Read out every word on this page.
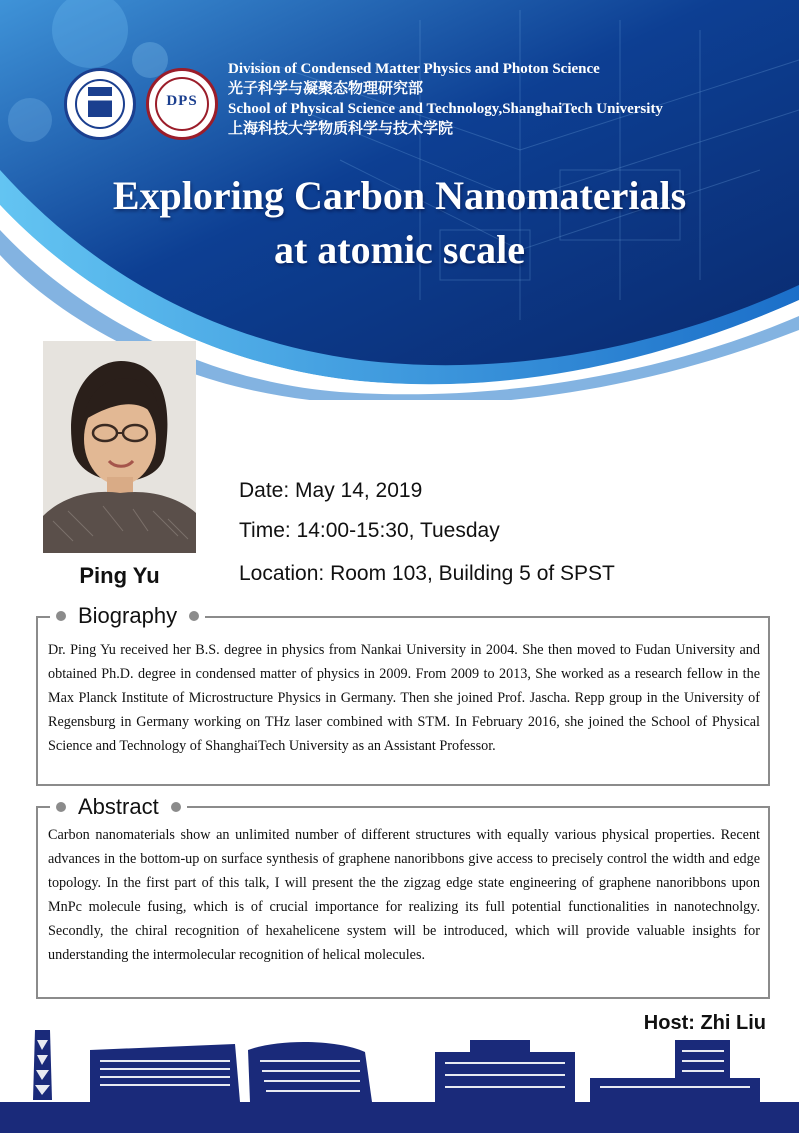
DPS
Division of Condensed Matter Physics and Photon Science
光子科学与凝聚态物理研究部
School of Physical Science and Technology,ShanghaiTech University
上海科技大学物质科学与技术学院
Exploring Carbon Nanomaterials
at atomic scale
Ping Yu
Date: May 14, 2019
Time: 14:00-15:30, Tuesday
Location: Room 103, Building 5 of SPST
Biography
Dr. Ping Yu received her B.S. degree in physics from Nankai University in 2004. She then moved to Fudan University and obtained Ph.D. degree in condensed matter of physics in 2009. From 2009 to 2013, She worked as a research fellow in the Max Planck Institute of Microstructure Physics in Germany. Then she joined Prof. Jascha. Repp group in the University of Regensburg in Germany working on THz laser combined with STM. In February 2016, she joined the School of Physical Science and Technology of ShanghaiTech University as an Assistant Professor.
Abstract
Carbon nanomaterials show an unlimited number of different structures with equally various physical properties. Recent advances in the bottom-up on surface synthesis of graphene nanoribbons give access to precisely control the width and edge topology. In the first part of this talk, I will present the the zigzag edge state engineering of graphene nanoribbons upon MnPc molecule fusing, which is of crucial importance for realizing its full potential functionalities in nanotechnolgy. Secondly, the chiral recognition of hexahelicene system will be introduced, which will provide valuable insights for understanding the intermolecular recognition of helical molecules.
Host: Zhi Liu
